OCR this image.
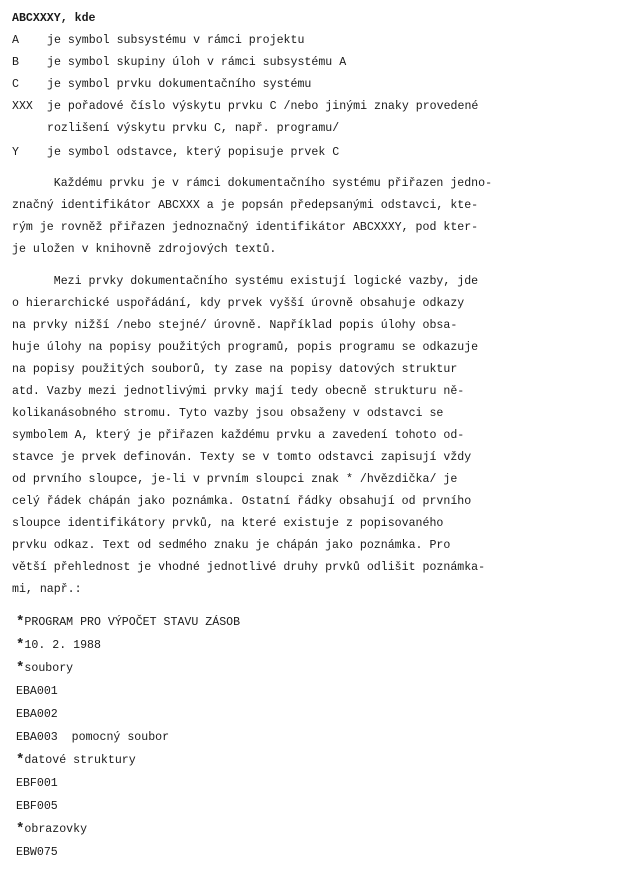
ABCXXXY, kde
A je symbol subsystému v rámci projektu
B je symbol skupiny úloh v rámci subsystému A
C je symbol prvku dokumentačního systému
XXX je pořadové číslo výskytu prvku C /nebo jinými znaky provedené
rozlišení výskytu prvku C, např. programu/
Y je symbol odstavce, který popisuje prvek C
Každému prvku je v rámci dokumentačního systému přiřazen jedno-
značný identifikátor ABCXXX a je popsán předepsanými odstavci, kte-
rým je rovněž přiřazen jednoznačný identifikátor ABCXXXY, pod kter-
je uložen v knihovně zdrojových textů.
Mezi prvky dokumentačního systému existují logické vazby, jde
o hierarchické uspořádání, kdy prvek vyšší úrovně obsahuje odkazy
na prvky nižší /nebo stejné/ úrovně. Například popis úlohy obsa-
huje úlohy na popisy použitých programů, popis programu se odkazuje
na popisy použitých souborů, ty zase na popisy datových struktur
atd. Vazby mezi jednotlivými prvky mají tedy obecně strukturu ně-
kolikanásobného stromu. Tyto vazby jsou obsaženy v odstavci se
symbolem A, který je přiřazen každému prvku a zavedení tohoto od-
stavce je prvek definován. Texty se v tomto odstavci zapisují vždy
od prvního sloupce, je-li v prvním sloupci znak * /hvězdička/ je
celý řádek chápán jako poznámka. Ostatní řádky obsahují od prvního
sloupce identifikátory prvků, na které existuje z popisovaného
prvku odkaz. Text od sedmého znaku je chápán jako poznámka. Pro
větší přehlednost je vhodné jednotlivé druhy prvků odlišit poznámka-
mi, např.:
*PROGRAM PRO VÝPOČET STAVU ZÁSOB
*10. 2. 1988
*soubory
EBA001
EBA002
EBA003  pomocný soubor
*datové struktury
EBF001
EBF005
*obrazovky
EBW075
